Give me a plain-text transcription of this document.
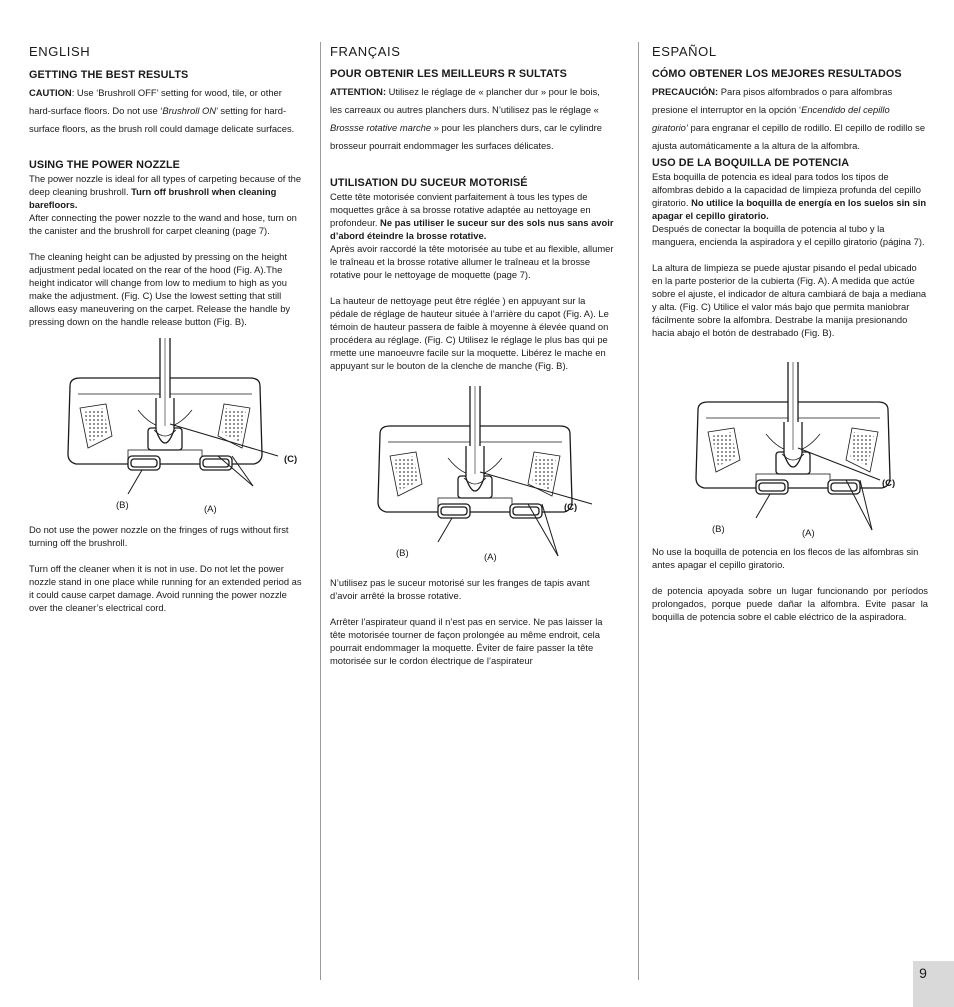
ENGLISH
GETTING THE BEST RESULTS

CAUTION: Use ‘Brushroll OFF’ setting for wood, tile, or other hard-surface floors. Do not use ‘Brushroll ON’ setting for hard-surface floors, as the brush roll could damage delicate surfaces.

USING THE POWER NOZZLE

The power nozzle is ideal for all types of carpeting because of the deep cleaning brushroll. Turn off brushroll when cleaning barefloors.

After connecting the power nozzle to the wand and hose, turn on the canister and the brushroll for carpet cleaning (page 7).

The cleaning height can be adjusted by pressing on the height adjustment pedal located on the rear of the hood (Fig. A).The height indicator will change from low to medium to high as you make the adjustment. (Fig. C) Use the lowest setting that still allows easy maneuvering on the carpet. Release the handle by pressing down on the handle release button (Fig. B).

(C)
(B)	(A)

Do not use the power nozzle on the fringes of rugs without first turning off the brushroll.

Turn off the cleaner when it is not in use. Do not let the power nozzle stand in one place while running for an extended period as it could cause carpet damage. Avoid running the power nozzle over the cleaner’s electrical cord.

FRANÇAIS
POUR OBTENIR LES MEILLEURS R SULTATS

ATTENTION: Utilisez le réglage de « plancher dur » pour le bois, les carreaux ou autres planchers durs. N’utilisez pas le réglage « Brossse rotative marche » pour les planchers durs, car le cylindre brosseur pourrait endommager les surfaces délicates.

UTILISATION DU SUCEUR MOTORISÉ

Cette tête motorisée convient parfaitement à tous les types de moquettes grâce à sa brosse rotative adaptée au nettoyage en profondeur. Ne pas utiliser le suceur sur des sols nus sans avoir d’abord éteindre la brosse rotative.

Après avoir raccordé la tête motorisée au tube et au flexible, allumer le traîneau et la brosse rotative allumer le traîneau et la brosse rotative pour le nettoyage de moquette (page 7).

La hauteur de nettoyage peut être réglée ) en appuyant sur la pédale de réglage de hauteur située à l’arrière du capot (Fig. A). Le témoin de hauteur passera de faible à moyenne à élevée quand on procédera au réglage. (Fig. C) Utilisez le réglage le plus bas qui pe rmette une manoeuvre facile sur la moquette. Libérez le mache en appuyant sur le bouton de la clenche de manche (Fig. B).

(C)
(B)	(A)

N’utilisez pas le suceur motorisé sur les franges de tapis avant d’avoir arrêté la brosse rotative.

Arrêter l’aspirateur quand il n’est pas en service. Ne pas laisser la tête motorisée tourner de façon prolongée au même endroit, cela pourrait endommager la moquette. Éviter de faire passer la tête motorisée sur le cordon électrique de l’aspirateur

ESPAÑOL
CÓMO OBTENER LOS MEJORES RESULTADOS

PRECAUCIÓN: Para pisos alfombrados o para alfombras presione el interruptor en la opción ‘Encendido del cepillo giratorio’ para engranar el cepillo de rodillo. El cepillo de rodillo se ajusta automáticamente a la altura de la alfombra.

USO DE LA BOQUILLA DE POTENCIA

Esta boquilla de potencia es ideal para todos los tipos de alfombras debido a la capacidad de limpieza profunda del cepillo giratorio. No utilice la boquilla de energía en los suelos sin sin apagar el cepillo giratorio.

Después de conectar la boquilla de potencia al tubo y la manguera, encienda la aspiradora y el cepillo giratorio (página 7).

La altura de limpieza se puede ajustar pisando el pedal ubicado en la parte posterior de la cubierta (Fig. A). A medida que actúe sobre el ajuste, el indicador de altura cambiará de baja a mediana y alta. (Fig. C) Utilice el valor más bajo que permita maniobrar fácilmente sobre la alfombra. Destrabe la manija presionando hacia abajo el botón de destrabado (Fig. B).

(C)
(B)	(A)

No use la boquilla de potencia en los flecos de las alfombras sin antes apagar el cepillo giratorio.

de potencia apoyada sobre un lugar funcionando por períodos prolongados, porque puede dañar la alfombra. Evite pasar la boquilla de potencia sobre el cable eléctrico de la aspiradora.

9
